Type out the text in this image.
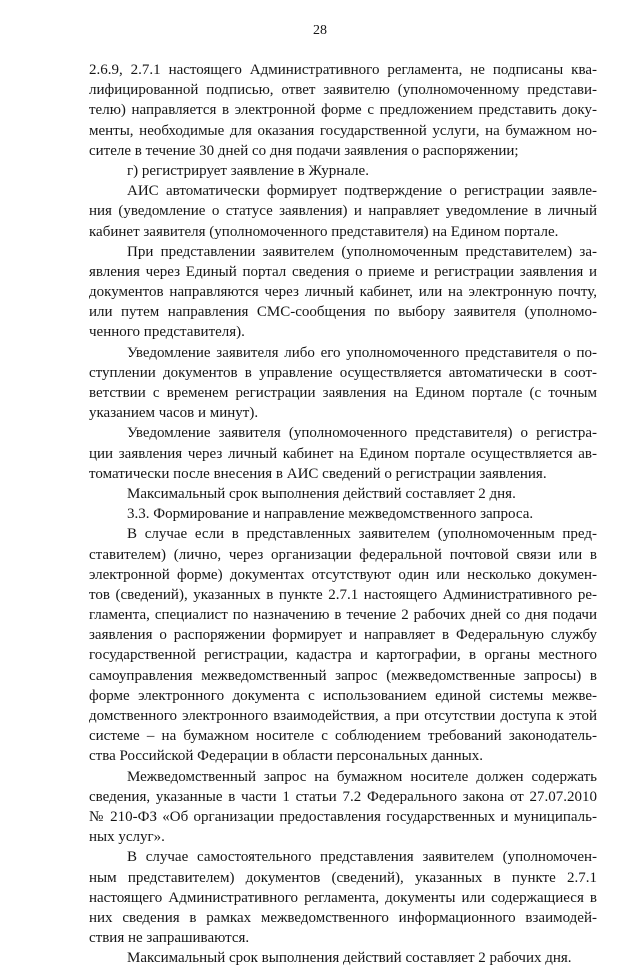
28
2.6.9, 2.7.1 настоящего Административного регламента, не подписаны ква-
лифицированной подписью, ответ заявителю (уполномоченному представи-
телю) направляется в электронной форме с предложением представить доку-
менты, необходимые для оказания государственной услуги, на бумажном но-
сителе в течение 30 дней со дня подачи заявления о распоряжении;
г) регистрирует заявление в Журнале.
АИС автоматически формирует подтверждение о регистрации заявле-
ния (уведомление о статусе заявления) и направляет уведомление в личный
кабинет заявителя (уполномоченного представителя) на Едином портале.
При представлении заявителем (уполномоченным представителем) за-
явления через Единый портал сведения о приеме и регистрации заявления и
документов направляются через личный кабинет, или на электронную почту,
или путем направления СМС-сообщения по выбору заявителя (уполномо-
ченного представителя).
Уведомление заявителя либо его уполномоченного представителя о по-
ступлении документов в управление осуществляется автоматически в соот-
ветствии с временем регистрации заявления на Едином портале (с точным
указанием часов и минут).
Уведомление заявителя (уполномоченного представителя) о регистра-
ции заявления через личный кабинет на Едином портале осуществляется ав-
томатически после внесения в АИС сведений о регистрации заявления.
Максимальный срок выполнения действий составляет 2 дня.
3.3. Формирование и направление межведомственного запроса.
В случае если в представленных заявителем (уполномоченным пред-
ставителем) (лично, через организации федеральной почтовой связи или в
электронной форме) документах отсутствуют один или несколько докумен-
тов (сведений), указанных в пункте 2.7.1 настоящего Административного ре-
гламента, специалист по назначению в течение 2 рабочих дней со дня подачи
заявления о распоряжении формирует и направляет в Федеральную службу
государственной регистрации, кадастра и картографии, в органы местного
самоуправления межведомственный запрос (межведомственные запросы) в
форме электронного документа с использованием единой системы межве-
домственного электронного взаимодействия, а при отсутствии доступа к этой
системе – на бумажном носителе с соблюдением требований законодатель-
ства Российской Федерации в области персональных данных.
Межведомственный запрос на бумажном носителе должен содержать
сведения, указанные в части 1 статьи 7.2 Федерального закона от 27.07.2010
№ 210-ФЗ «Об организации предоставления государственных и муниципаль-
ных услуг».
В случае самостоятельного представления заявителем (уполномочен-
ным представителем) документов (сведений), указанных в пункте 2.7.1
настоящего Административного регламента, документы или содержащиеся в
них сведения в рамках межведомственного информационного взаимодей-
ствия не запрашиваются.
Максимальный срок выполнения действий составляет 2 рабочих дня.
